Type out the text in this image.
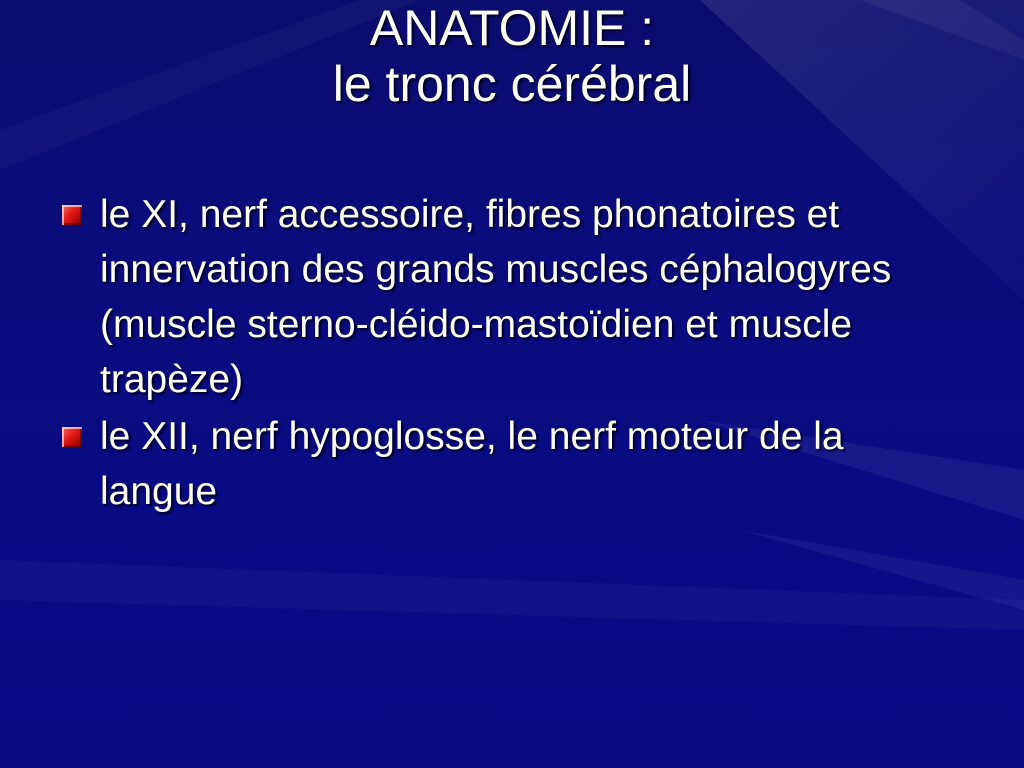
ANATOMIE :
le tronc cérébral
le XI, nerf accessoire, fibres phonatoires et innervation des grands muscles céphalogyres (muscle sterno-cléido-mastoïdien et muscle trapèze)
le XII, nerf hypoglosse, le nerf moteur de la langue
